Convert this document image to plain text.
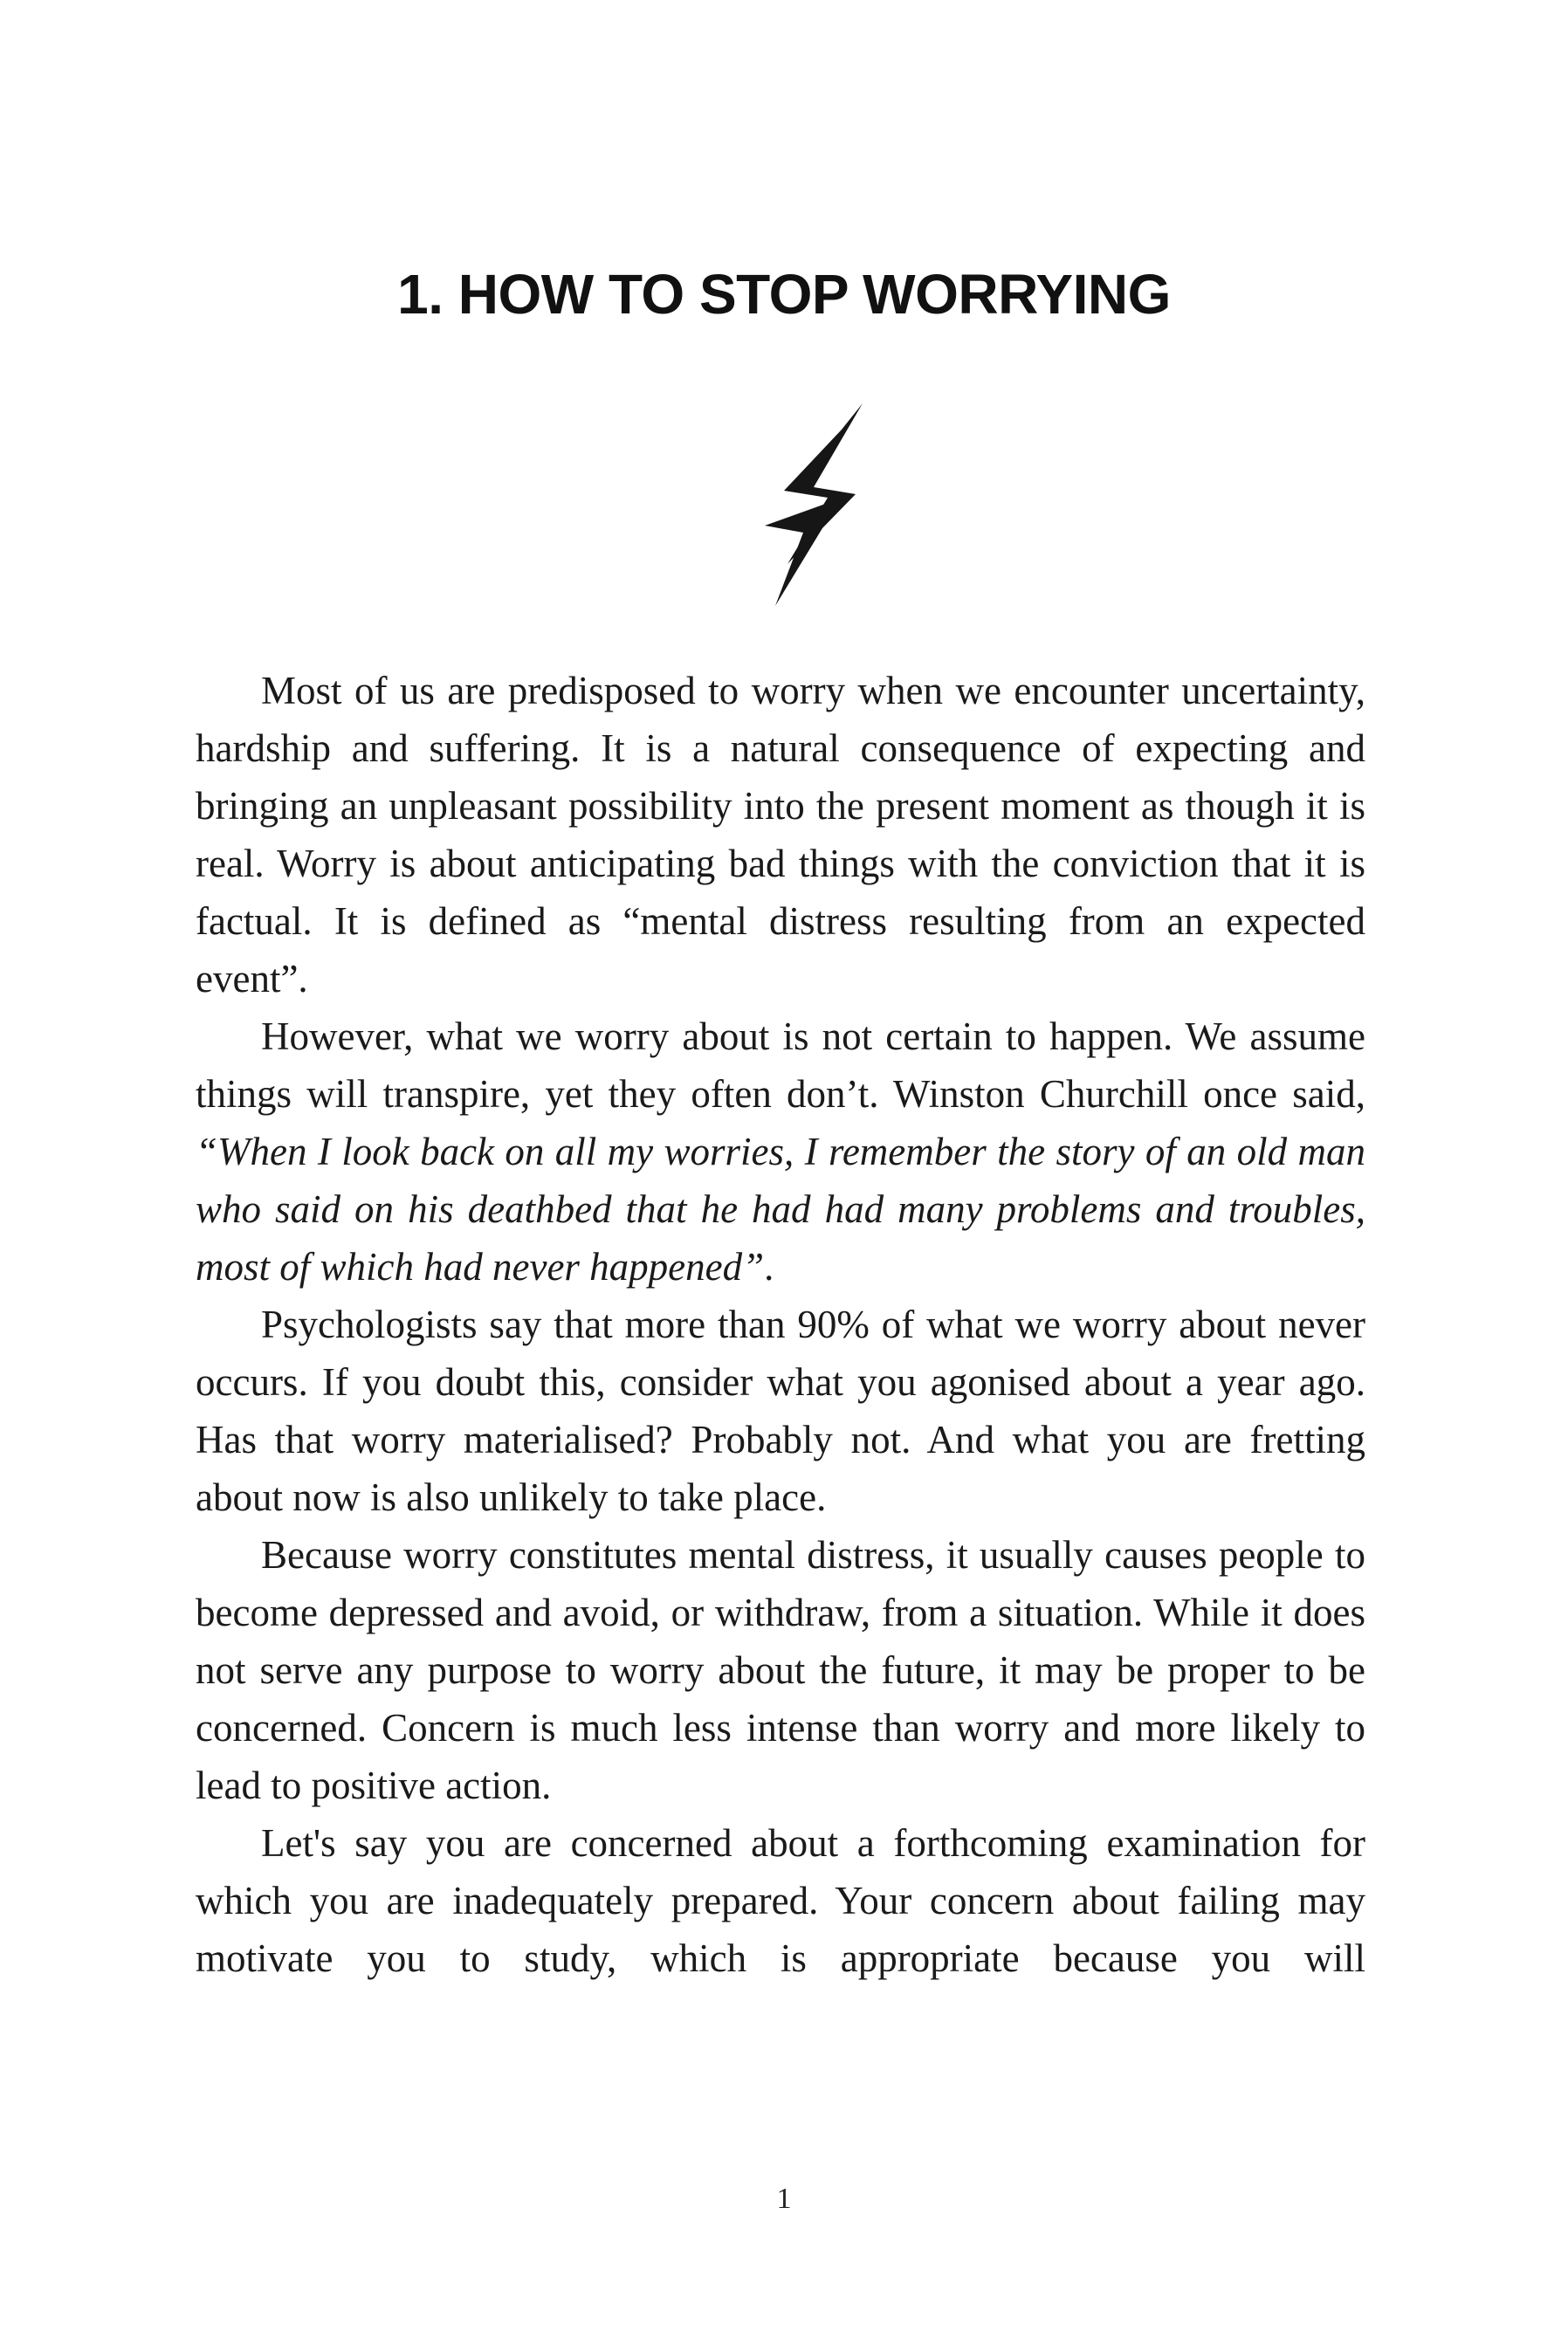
1. HOW TO STOP WORRYING

Most of us are predisposed to worry when we encounter uncertainty, hardship and suffering. It is a natural consequence of expecting and bringing an unpleasant possibility into the present moment as though it is real. Worry is about anticipating bad things with the conviction that it is factual. It is defined as “mental distress resulting from an expected event”.

However, what we worry about is not certain to happen. We assume things will transpire, yet they often don’t. Winston Churchill once said, “When I look back on all my worries, I remember the story of an old man who said on his deathbed that he had had many problems and troubles, most of which had never happened”.

Psychologists say that more than 90% of what we worry about never occurs. If you doubt this, consider what you agonised about a year ago. Has that worry materialised? Probably not. And what you are fretting about now is also unlikely to take place.

Because worry constitutes mental distress, it usually causes people to become depressed and avoid, or withdraw, from a situation. While it does not serve any purpose to worry about the future, it may be proper to be concerned. Concern is much less intense than worry and more likely to lead to positive action.

Let's say you are concerned about a forthcoming examination for which you are inadequately prepared. Your concern about failing may motivate you to study, which is appropriate because you will

1
